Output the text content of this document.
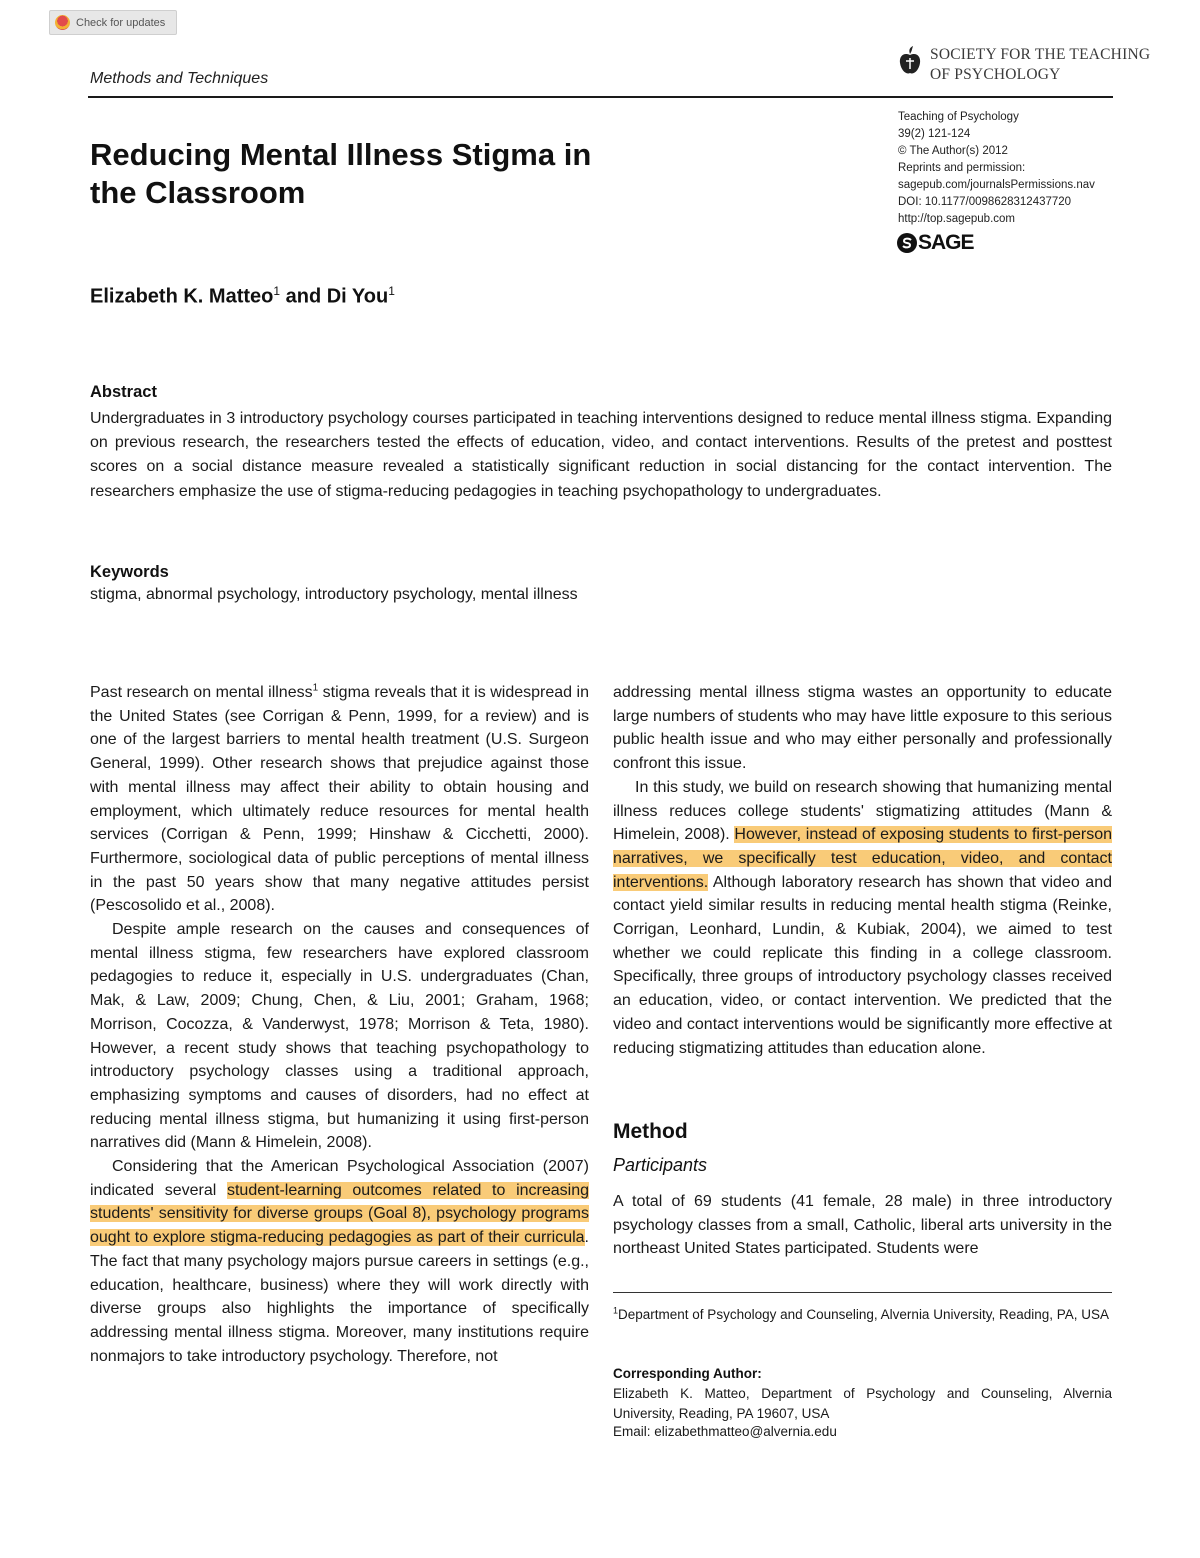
Check for updates
Methods and Techniques
SOCIETY FOR THE TEACHING
OF PSYCHOLOGY
Teaching of Psychology
39(2) 121-124
© The Author(s) 2012
Reprints and permission:
sagepub.com/journalsPermissions.nav
DOI: 10.1177/0098628312437720
http://top.sagepub.com
SAGE
Reducing Mental Illness Stigma in
the Classroom
Elizabeth K. Matteo$^1$ and Di You$^1$
Abstract
Undergraduates in 3 introductory psychology courses participated in teaching interventions designed to reduce mental illness stigma. Expanding on previous research, the researchers tested the effects of education, video, and contact interventions. Results of the pretest and posttest scores on a social distance measure revealed a statistically significant reduction in social distancing for the contact intervention. The researchers emphasize the use of stigma-reducing pedagogies in teaching psychopathology to undergraduates.
Keywords
stigma, abnormal psychology, introductory psychology, mental illness

Past research on mental illness$^1$ stigma reveals that it is widespread in the United States (see Corrigan & Penn, 1999, for a review) and is one of the largest barriers to mental health treatment (U.S. Surgeon General, 1999). Other research shows that prejudice against those with mental illness may affect their ability to obtain housing and employment, which ultimately reduce resources for mental health services (Corrigan & Penn, 1999; Hinshaw & Cicchetti, 2000). Furthermore, sociological data of public perceptions of mental illness in the past 50 years show that many negative attitudes persist (Pescosolido et al., 2008).

Despite ample research on the causes and consequences of mental illness stigma, few researchers have explored classroom pedagogies to reduce it, especially in U.S. undergraduates (Chan, Mak, & Law, 2009; Chung, Chen, & Liu, 2001; Graham, 1968; Morrison, Cocozza, & Vanderwyst, 1978; Morrison & Teta, 1980). However, a recent study shows that teaching psychopathology to introductory psychology classes using a traditional approach, emphasizing symptoms and causes of disorders, had no effect at reducing mental illness stigma, but humanizing it using first-person narratives did (Mann & Himelein, 2008).

Considering that the American Psychological Association (2007) indicated several student-learning outcomes related to increasing students' sensitivity for diverse groups (Goal 8), psychology programs ought to explore stigma-reducing pedagogies as part of their curricula. The fact that many psychology majors pursue careers in settings (e.g., education, healthcare, business) where they will work directly with diverse groups also highlights the importance of specifically addressing mental illness stigma. Moreover, many institutions require nonmajors to take introductory psychology. Therefore, not

addressing mental illness stigma wastes an opportunity to educate large numbers of students who may have little exposure to this serious public health issue and who may either personally and professionally confront this issue.

In this study, we build on research showing that humanizing mental illness reduces college students' stigmatizing attitudes (Mann & Himelein, 2008). However, instead of exposing students to first-person narratives, we specifically test education, video, and contact interventions. Although laboratory research has shown that video and contact yield similar results in reducing mental health stigma (Reinke, Corrigan, Leonhard, Lundin, & Kubiak, 2004), we aimed to test whether we could replicate this finding in a college classroom. Specifically, three groups of introductory psychology classes received an education, video, or contact intervention. We predicted that the video and contact interventions would be significantly more effective at reducing stigmatizing attitudes than education alone.

Method
Participants
A total of 69 students (41 female, 28 male) in three introductory psychology classes from a small, Catholic, liberal arts university in the northeast United States participated. Students were
$^1$Department of Psychology and Counseling, Alvernia University, Reading, PA, USA
Corresponding Author:
Elizabeth K. Matteo, Department of Psychology and Counseling, Alvernia University, Reading, PA 19607, USA
Email: elizabethmatteo@alvernia.edu
